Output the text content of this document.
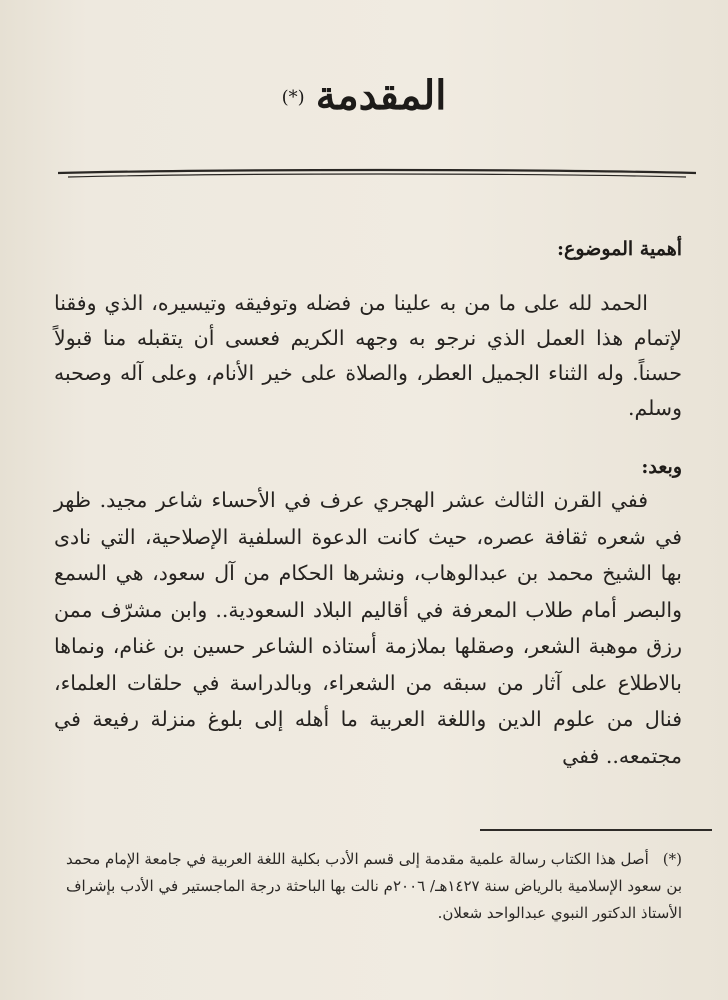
المقدمة (*)
أهمية الموضوع:

الحمد لله على ما من به علينا من فضله وتوفيقه وتيسيره، الذي وفقنا لإتمام هذا العمل الذي نرجو به وجهه الكريم فعسى أن يتقبله منا قبولاً حسناً. وله الثناء الجميل العطر، والصلاة على خير الأنام، وعلى آله وصحبه وسلم.

وبعد:

ففي القرن الثالث عشر الهجري عرف في الأحساء شاعر مجيد. ظهر في شعره ثقافة عصره، حيث كانت الدعوة السلفية الإصلاحية، التي نادى بها الشيخ محمد بن عبدالوهاب، ونشرها الحكام من آل سعود، هي السمع والبصر أمام طلاب المعرفة في أقاليم البلاد السعودية.. وابن مشرّف ممن رزق موهبة الشعر، وصقلها بملازمة أستاذه الشاعر حسين بن غنام، ونماها بالاطلاع على آثار من سبقه من الشعراء، وبالدراسة في حلقات العلماء، فنال من علوم الدين واللغة العربية ما أهله إلى بلوغ منزلة رفيعة في مجتمعه.. ففي

(*)أصل هذا الكتاب رسالة علمية مقدمة إلى قسم الأدب بكلية اللغة العربية في جامعة الإمام محمد بن سعود الإسلامية بالرياض سنة ١٤٢٧هـ/ ٢٠٠٦م نالت بها الباحثة درجة الماجستير في الأدب بإشراف الأستاذ الدكتور النبوي عبدالواحد شعلان.
